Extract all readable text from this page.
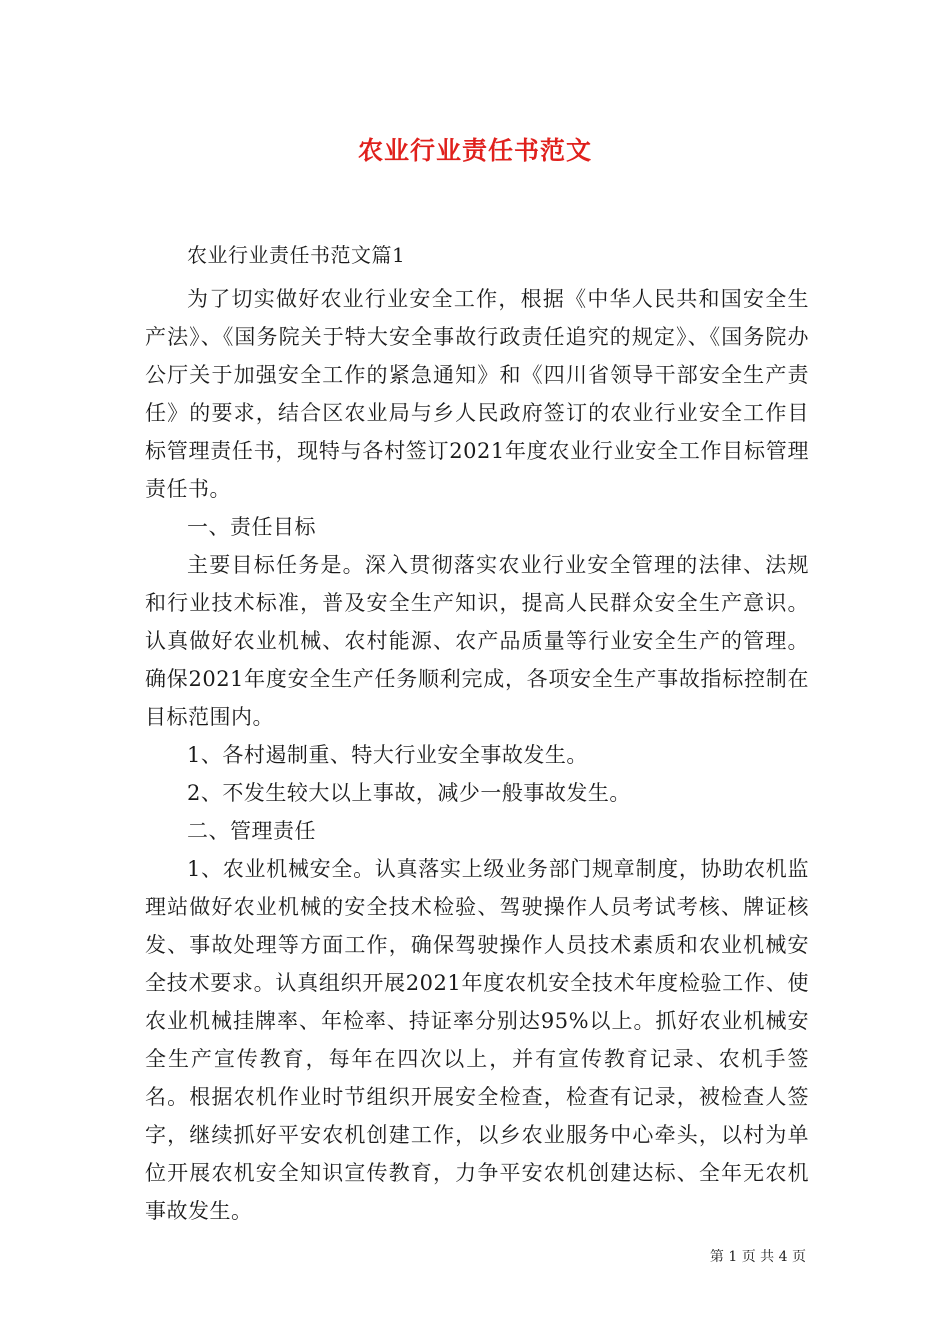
农业行业责任书范文

农业行业责任书范文篇1

为了切实做好农业行业安全工作，根据《中华人民共和国安全生产法》、《国务院关于特大安全事故行政责任追究的规定》、《国务院办公厅关于加强安全工作的紧急通知》和《四川省领导干部安全生产责任》的要求，结合区农业局与乡人民政府签订的农业行业安全工作目标管理责任书，现特与各村签订2021年度农业行业安全工作目标管理责任书。

一、责任目标

主要目标任务是。深入贯彻落实农业行业安全管理的法律、法规和行业技术标准，普及安全生产知识，提高人民群众安全生产意识。认真做好农业机械、农村能源、农产品质量等行业安全生产的管理。确保2021年度安全生产任务顺利完成，各项安全生产事故指标控制在目标范围内。

1、各村遏制重、特大行业安全事故发生。

2、不发生较大以上事故，减少一般事故发生。

二、管理责任

1、农业机械安全。认真落实上级业务部门规章制度，协助农机监理站做好农业机械的安全技术检验、驾驶操作人员考试考核、牌证核发、事故处理等方面工作，确保驾驶操作人员技术素质和农业机械安全技术要求。认真组织开展2021年度农机安全技术年度检验工作、使农业机械挂牌率、年检率、持证率分别达95%以上。抓好农业机械安全生产宣传教育，每年在四次以上，并有宣传教育记录、农机手签名。根据农机作业时节组织开展安全检查，检查有记录，被检查人签字，继续抓好平安农机创建工作，以乡农业服务中心牵头，以村为单位开展农机安全知识宣传教育，力争平安农机创建达标、全年无农机事故发生。

第 1 页 共 4 页
